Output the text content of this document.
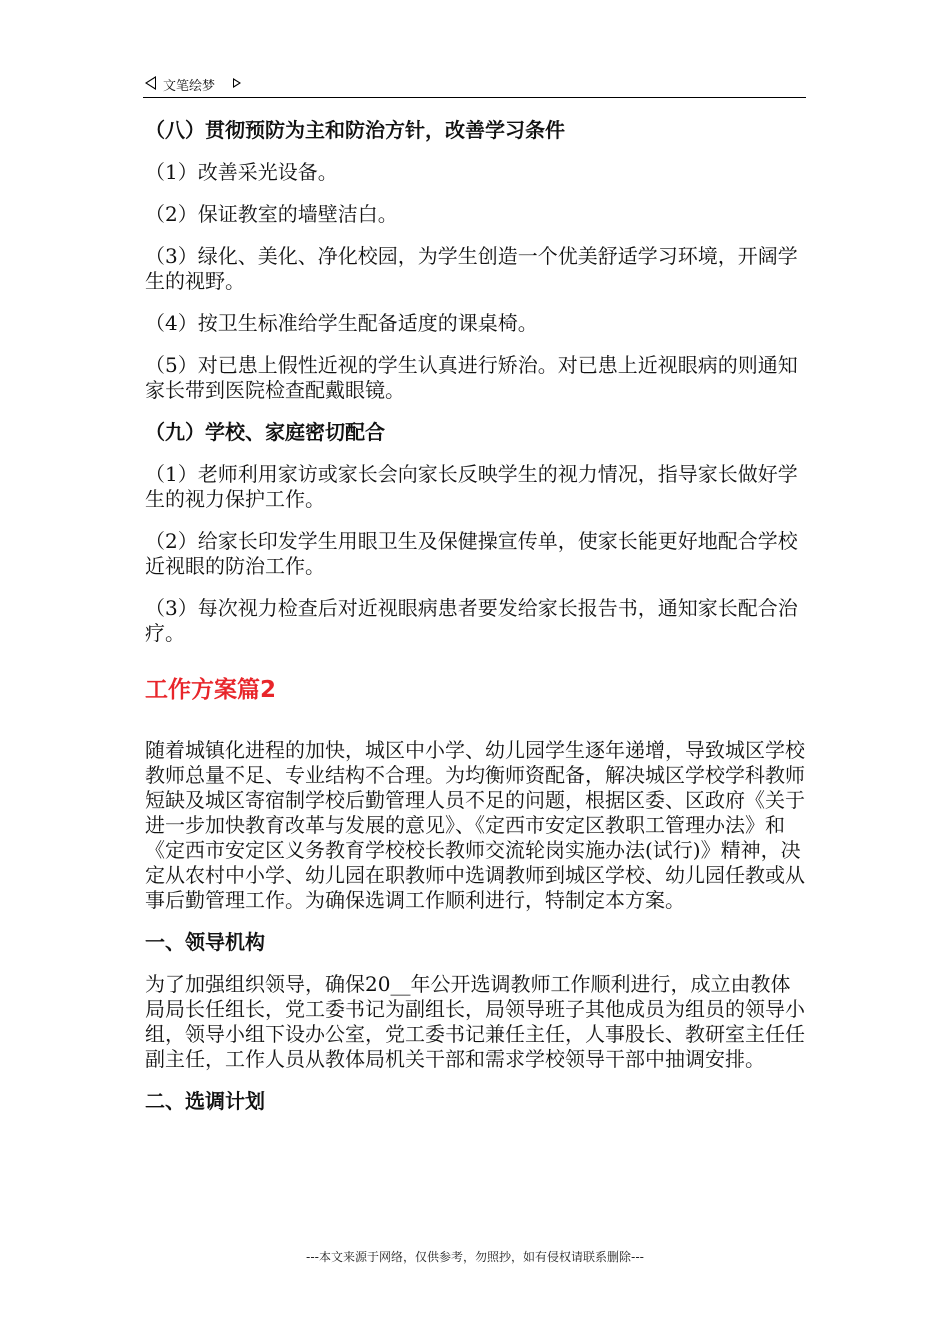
文笔绘梦

（八）贯彻预防为主和防治方针，改善学习条件

（1）改善采光设备。

（2）保证教室的墙壁洁白。

（3）绿化、美化、净化校园，为学生创造一个优美舒适学习环境，开阔学生的视野。

（4）按卫生标准给学生配备适度的课桌椅。

（5）对已患上假性近视的学生认真进行矫治。对已患上近视眼病的则通知家长带到医院检查配戴眼镜。

（九）学校、家庭密切配合

（1）老师利用家访或家长会向家长反映学生的视力情况，指导家长做好学生的视力保护工作。

（2）给家长印发学生用眼卫生及保健操宣传单，使家长能更好地配合学校近视眼的防治工作。

（3）每次视力检查后对近视眼病患者要发给家长报告书，通知家长配合治疗。

工作方案篇2

随着城镇化进程的加快，城区中小学、幼儿园学生逐年递增，导致城区学校教师总量不足、专业结构不合理。为均衡师资配备，解决城区学校学科教师短缺及城区寄宿制学校后勤管理人员不足的问题，根据区委、区政府《关于进一步加快教育改革与发展的意见》、《定西市安定区教职工管理办法》和《定西市安定区义务教育学校校长教师交流轮岗实施办法(试行)》精神，决定从农村中小学、幼儿园在职教师中选调教师到城区学校、幼儿园任教或从事后勤管理工作。为确保选调工作顺利进行，特制定本方案。

一、领导机构

为了加强组织领导，确保20__年公开选调教师工作顺利进行，成立由教体局局长任组长，党工委书记为副组长，局领导班子其他成员为组员的领导小组，领导小组下设办公室，党工委书记兼任主任，人事股长、教研室主任任副主任，工作人员从教体局机关干部和需求学校领导干部中抽调安排。

二、选调计划

---本文来源于网络，仅供参考，勿照抄，如有侵权请联系删除---
